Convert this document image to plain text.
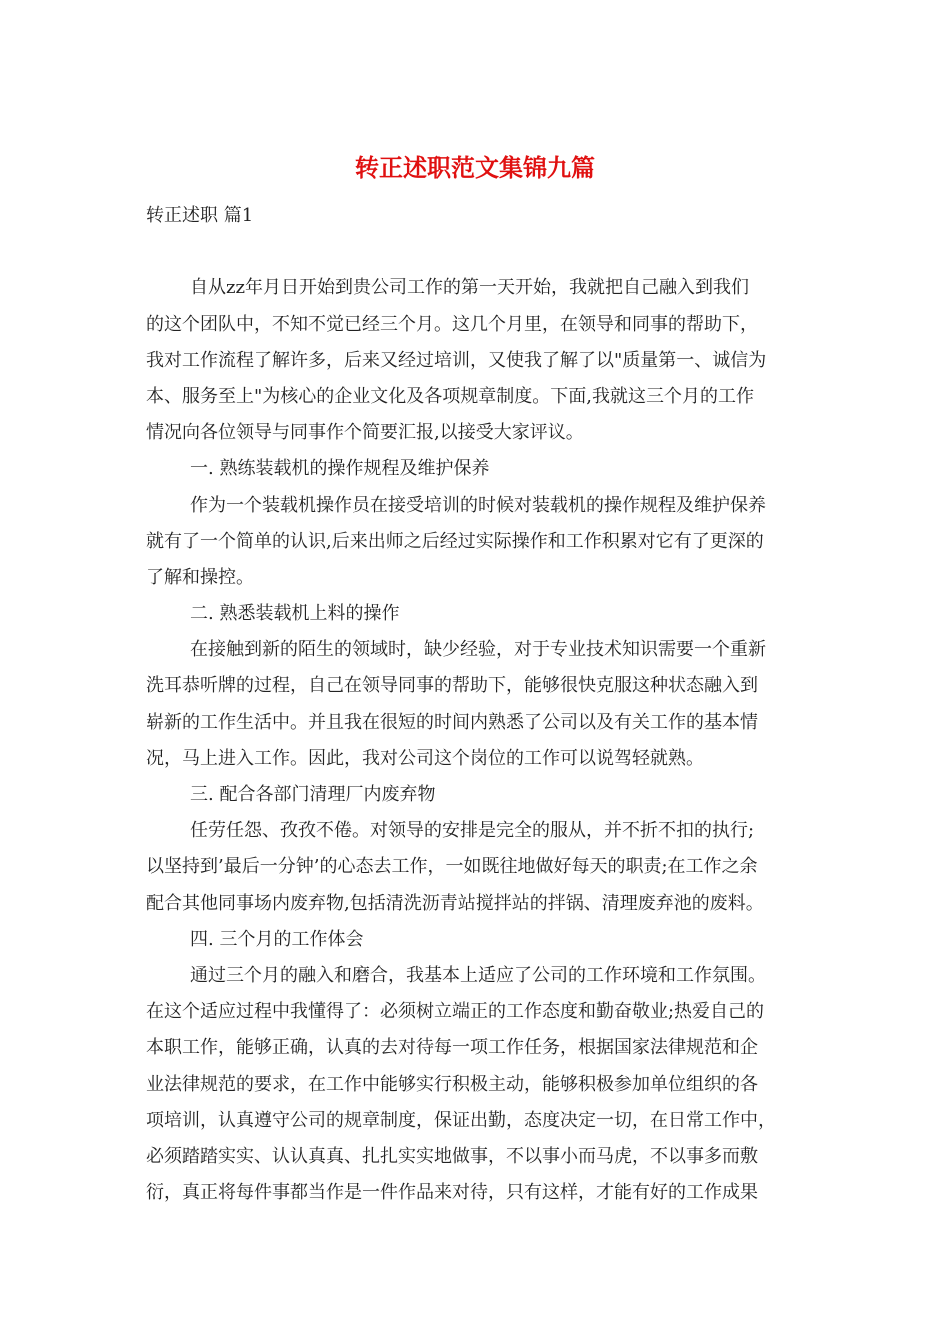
转正述职范文集锦九篇
转正述职 篇1
自从zz年月日开始到贵公司工作的第一天开始，我就把自己融入到我们
的这个团队中，不知不觉已经三个月。这几个月里，在领导和同事的帮助下，
我对工作流程了解许多，后来又经过培训，又使我了解了以"质量第一、诚信为
本、服务至上"为核心的企业文化及各项规章制度。下面,我就这三个月的工作
情况向各位领导与同事作个简要汇报,以接受大家评议。
一. 熟练装载机的操作规程及维护保养
作为一个装载机操作员在接受培训的时候对装载机的操作规程及维护保养
就有了一个简单的认识,后来出师之后经过实际操作和工作积累对它有了更深的
了解和操控。
二. 熟悉装载机上料的操作
在接触到新的陌生的领域时，缺少经验，对于专业技术知识需要一个重新
洗耳恭听牌的过程，自己在领导同事的帮助下，能够很快克服这种状态融入到
崭新的工作生活中。并且我在很短的时间内熟悉了公司以及有关工作的基本情
况，马上进入工作。因此，我对公司这个岗位的工作可以说驾轻就熟。
三. 配合各部门清理厂内废弃物
任劳任怨、孜孜不倦。对领导的安排是完全的服从，并不折不扣的执行;
以坚持到’最后一分钟’的心态去工作，一如既往地做好每天的职责;在工作之余
配合其他同事场内废弃物,包括清洗沥青站搅拌站的拌锅、清理废弃池的废料。
四. 三个月的工作体会
通过三个月的融入和磨合，我基本上适应了公司的工作环境和工作氛围。
在这个适应过程中我懂得了：必须树立端正的工作态度和勤奋敬业;热爱自己的
本职工作，能够正确，认真的去对待每一项工作任务，根据国家法律规范和企
业法律规范的要求，在工作中能够实行积极主动，能够积极参加单位组织的各
项培训，认真遵守公司的规章制度，保证出勤，态度决定一切，在日常工作中，
必须踏踏实实、认认真真、扎扎实实地做事，不以事小而马虎，不以事多而敷
衍，真正将每件事都当作是一件作品来对待，只有这样，才能有好的工作成果
